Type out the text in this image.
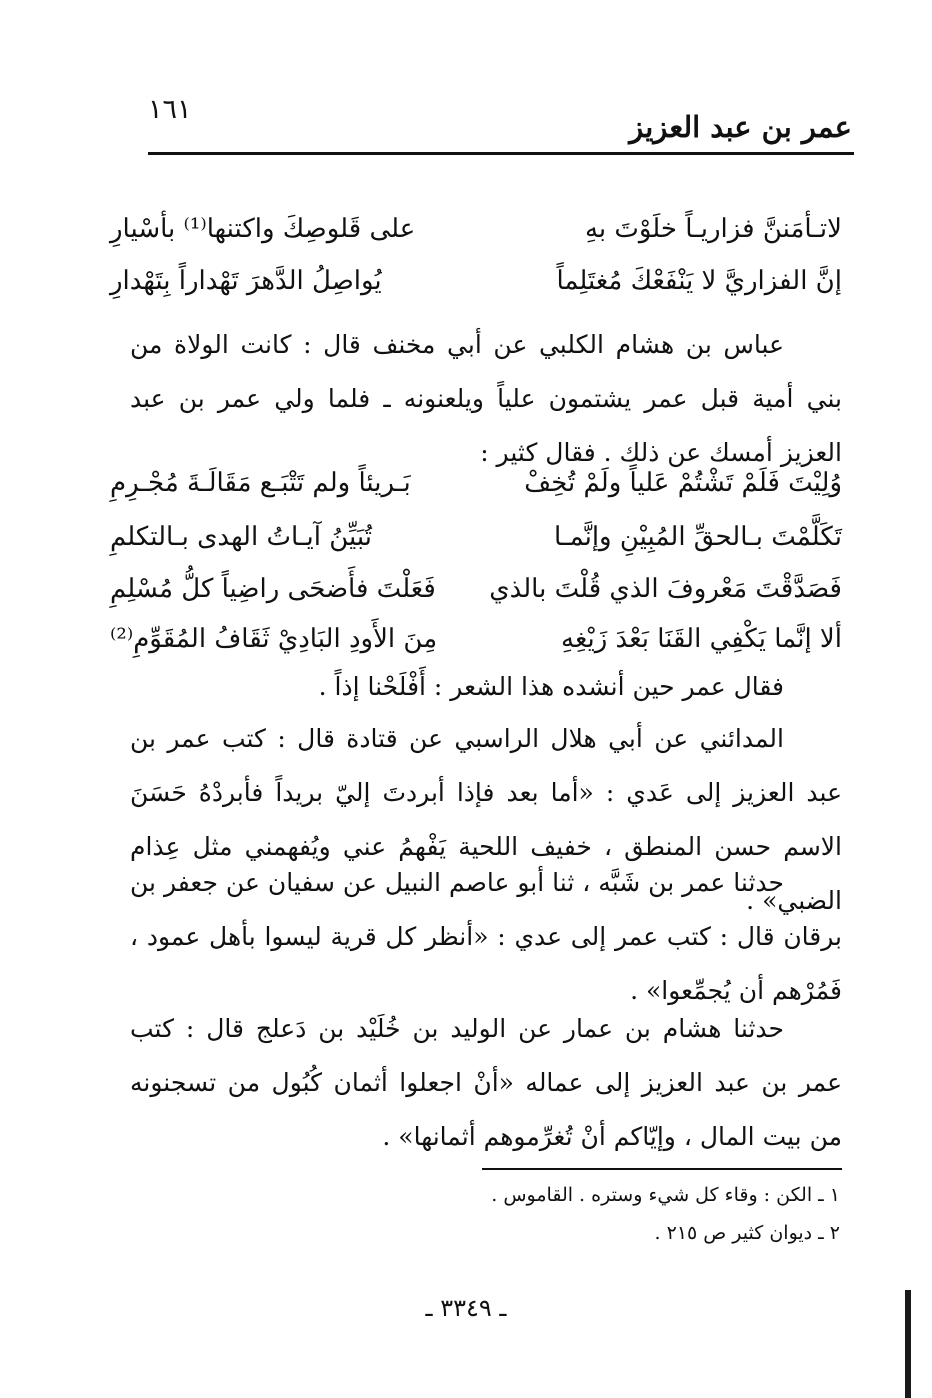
عمر بن عبد العزيز
١٦١
لاتـأمَننَّ فزاريـاً خلَوْتَ بهِ
على قَلوصِكَ واكتنها⁽¹⁾ بأسْيارِ
إنَّ الفزاريَّ لا يَنْفَعْكَ مُغتَلِماً
يُواصِلُ الدَّهرَ تَهْداراً بِتَهْدارِ
عباس بن هشام الكلبي عن أبي مخنف قال : كانت الولاة من بني أمية قبل عمر يشتمون علياً ويلعنونه ـ فلما ولي عمر بن عبد العزيز أمسك عن ذلك . فقال كثير :
وُلِيْتَ فَلَمْ تَشْتُمْ عَلياً ولَمْ تُخِفْ
بَـريئاً ولم تَتْبَـع مَقَالَـةَ مُجْـرِمِ
تَكَلَّمْتَ بـالحقِّ المُبِيْنِ وإنَّمـا
تُبَيِّنُ آيـاتُ الهدى بـالتكلمِ
فَصَدَّقْتَ مَعْروفَ الذي قُلْتَ بالذي
فَعَلْتَ فأَضحَى راضِياً كلُّ مُسْلِمِ
ألا إنَّما يَكْفِي القَنَا بَعْدَ زَيْغِهِ
مِنَ الأَودِ البَادِيْ ثَقَافُ المُقَوِّمِ⁽²⁾
فقال عمر حين أنشده هذا الشعر : أَفْلَحْنا إذاً .
المدائني عن أبي هلال الراسبي عن قتادة قال : كتب عمر بن عبد العزيز إلى عَدي : «أما بعد فإذا أبردتَ إليّ بريداً فأبردْهُ حَسَنَ الاسم حسن المنطق ، خفيف اللحية يَفْهمُ عني ويُفهمني مثل عِذام الضبي» .
حدثنا عمر بن شَبَّه ، ثنا أبو عاصم النبيل عن سفيان عن جعفر بن برقان قال : كتب عمر إلى عدي : «أنظر كل قرية ليسوا بأهل عمود ، فَمُرْهم أن يُجمِّعوا» .
حدثنا هشام بن عمار عن الوليد بن خُلَيْد بن دَعلج قال : كتب عمر بن عبد العزيز إلى عماله «أنْ اجعلوا أثمان كُبُول من تسجنونه من بيت المال ، وإيّاكم أنْ تُغرِّموهم أثمانها» .
١ ـ الكن : وقاء كل شيء وستره . القاموس .
٢ ـ ديوان كثير ص ٢١٥ .
ـ ٣٣٤٩ ـ
